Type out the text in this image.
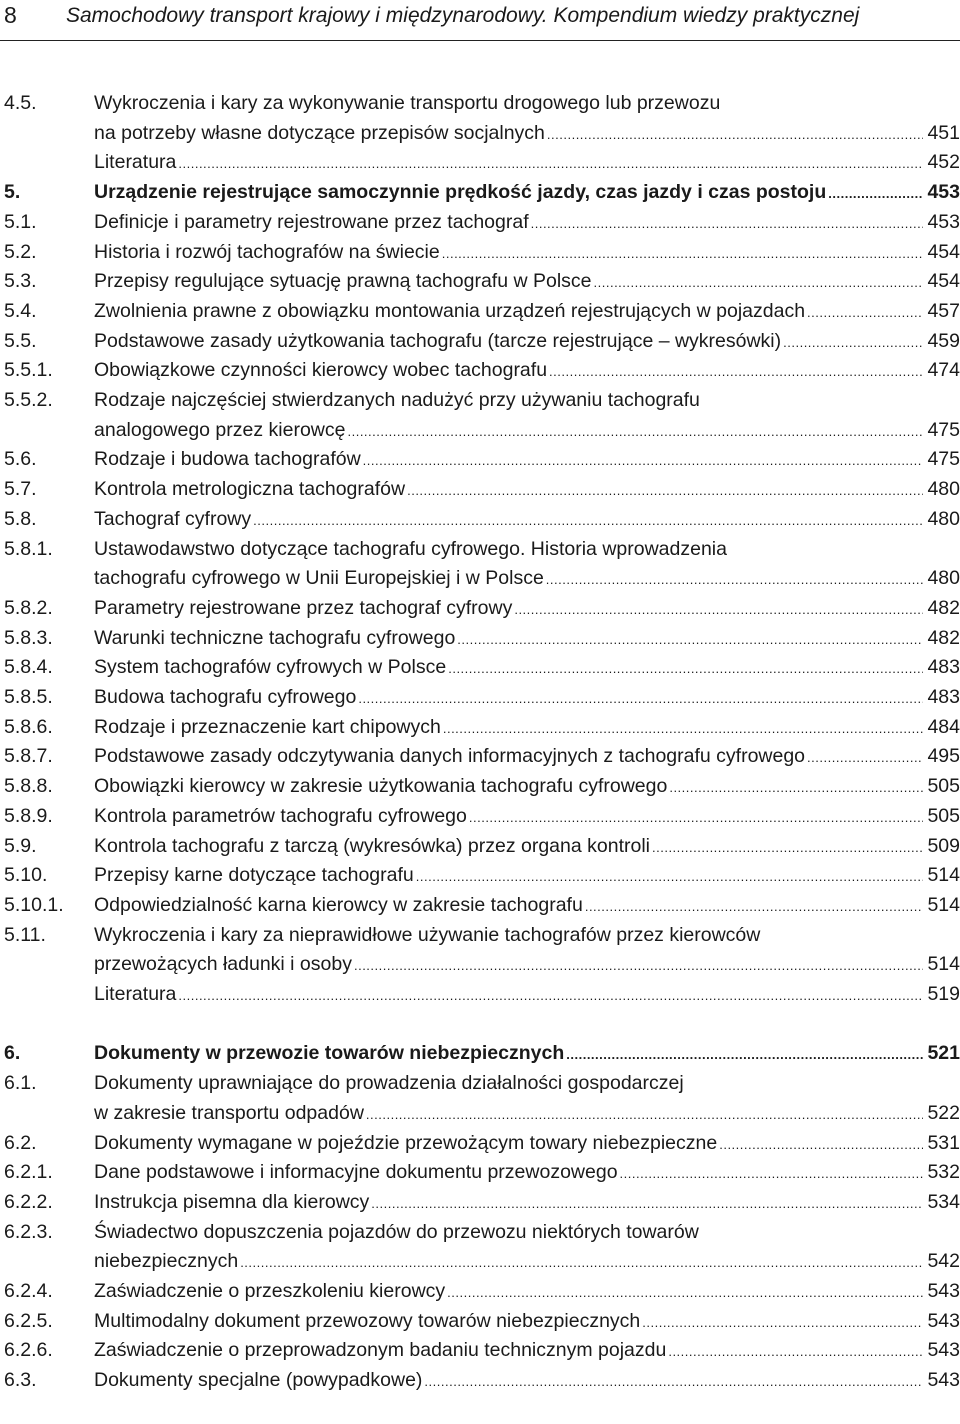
8 Samochodowy transport krajowy i międzynarodowy. Kompendium wiedzy praktycznej
4.5.	Wykroczenia i kary za wykonywanie transportu drogowego lub przewozu
na potrzeby własne dotyczące przepisów socjalnych .....	451
Literatura .....	452
5.	Urządzenie rejestrujące samoczynnie prędkość jazdy, czas jazdy i czas postoju .....	453
5.1.	Definicje i parametry rejestrowane przez tachograf .....	453
5.2.	Historia i rozwój tachografów na świecie .....	454
5.3.	Przepisy regulujące sytuację prawną tachografu w Polsce .....	454
5.4.	Zwolnienia prawne z obowiązku montowania urządzeń rejestrujących w pojazdach .....	457
5.5.	Podstawowe zasady użytkowania tachografu (tarcze rejestrujące – wykresówki) .....	459
5.5.1. Obowiązkowe czynności kierowcy wobec tachografu .....	474
5.5.2. Rodzaje najczęściej stwierdzanych nadużyć przy używaniu tachografu
analogowego przez kierowcę .....	475
5.6.	Rodzaje i budowa tachografów .....	475
5.7.	Kontrola metrologiczna tachografów .....	480
5.8.	Tachograf cyfrowy .....	480
5.8.1. Ustawodawstwo dotyczące tachografu cyfrowego. Historia wprowadzenia
tachografu cyfrowego w Unii Europejskiej i w Polsce .....	480
5.8.2. Parametry rejestrowane przez tachograf cyfrowy .....	482
5.8.3. Warunki techniczne tachografu cyfrowego .....	482
5.8.4. System tachografów cyfrowych w Polsce .....	483
5.8.5. Budowa tachografu cyfrowego .....	483
5.8.6. Rodzaje i przeznaczenie kart chipowych .....	484
5.8.7. Podstawowe zasady odczytywania danych informacyjnych z tachografu cyfrowego .....	495
5.8.8. Obowiązki kierowcy w zakresie użytkowania tachografu cyfrowego .....	505
5.8.9. Kontrola parametrów tachografu cyfrowego .....	505
5.9.	Kontrola tachografu z tarczą (wykresówka) przez organa kontroli .....	509
5.10. Przepisy karne dotyczące tachografu .....	514
5.10.1. Odpowiedzialność karna kierowcy w zakresie tachografu .....	514
5.11. Wykroczenia i kary za nieprawidłowe używanie tachografów przez kierowców
przewożących ładunki i osoby .....	514
Literatura .....	519
6.	Dokumenty w przewozie towarów niebezpiecznych .....	521
6.1.	Dokumenty uprawniające do prowadzenia działalności gospodarczej
w zakresie transportu odpadów .....	522
6.2.	Dokumenty wymagane w pojeździe przewożącym towary niebezpieczne .....	531
6.2.1. Dane podstawowe i informacyjne dokumentu przewozowego .....	532
6.2.2. Instrukcja pisemna dla kierowcy .....	534
6.2.3. Świadectwo dopuszczenia pojazdów do przewozu niektórych towarów
niebezpiecznych .....	542
6.2.4. Zaświadczenie o przeszkoleniu kierowcy .....	543
6.2.5. Multimodalny dokument przewozowy towarów niebezpiecznych .....	543
6.2.6. Zaświadczenie o przeprowadzonym badaniu technicznym pojazdu .....	543
6.3.	Dokumenty specjalne (powypadkowe) .....	543
